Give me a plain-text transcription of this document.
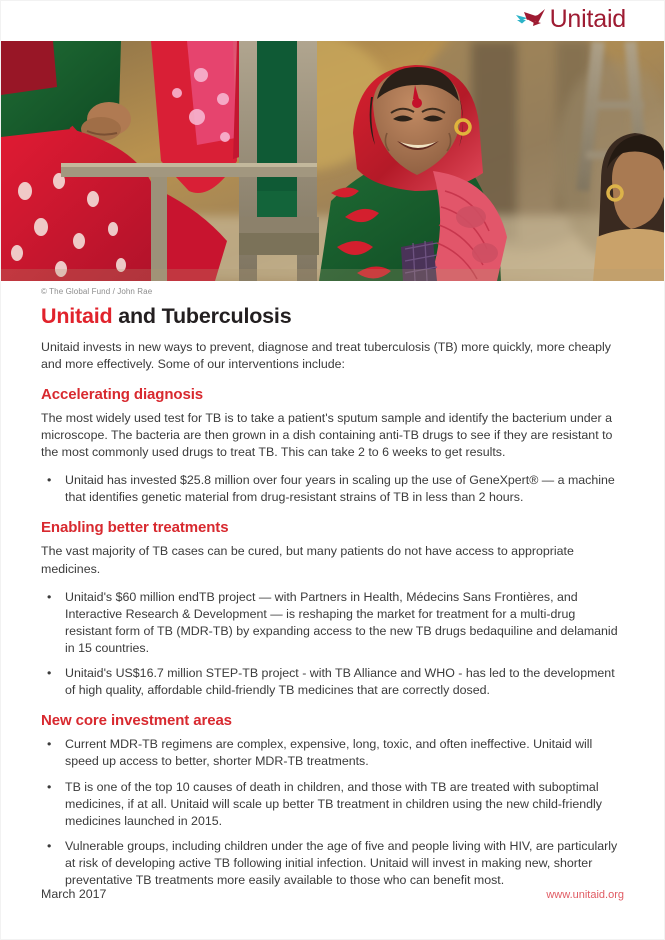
Unitaid
© The Global Fund / John Rae
Unitaid and Tuberculosis

Unitaid invests in new ways to prevent, diagnose and treat tuberculosis (TB) more quickly, more cheaply and more effectively. Some of our interventions include:

Accelerating diagnosis

The most widely used test for TB is to take a patient's sputum sample and identify the bacterium under a microscope. The bacteria are then grown in a dish containing anti-TB drugs to see if they are resistant to the most commonly used drugs to treat TB. This can take 2 to 6 weeks to get results.

• Unitaid has invested $25.8 million over four years in scaling up the use of GeneXpert® — a machine that identifies genetic material from drug-resistant strains of TB in less than 2 hours.
Enabling better treatments

The vast majority of TB cases can be cured, but many patients do not have access to appropriate medicines.

• Unitaid's $60 million endTB project — with Partners in Health, Médecins Sans Frontières, and Interactive Research & Development — is reshaping the market for treatment for a multi-drug resistant form of TB (MDR-TB) by expanding access to the new TB drugs bedaquiline and delamanid in 15 countries.
• Unitaid's US$16.7 million STEP-TB project - with TB Alliance and WHO - has led to the development of high quality, affordable child-friendly TB medicines that are correctly dosed.
New core investment areas
• Current MDR-TB regimens are complex, expensive, long, toxic, and often ineffective. Unitaid will speed up access to better, shorter MDR-TB treatments.
• TB is one of the top 10 causes of death in children, and those with TB are treated with suboptimal medicines, if at all. Unitaid will scale up better TB treatment in children using the new child-friendly medicines launched in 2015.
• Vulnerable groups, including children under the age of five and people living with HIV, are particularly at risk of developing active TB following initial infection. Unitaid will invest in making new, shorter preventative TB treatments more easily available to those who can benefit most.
March 2017	www.unitaid.org
